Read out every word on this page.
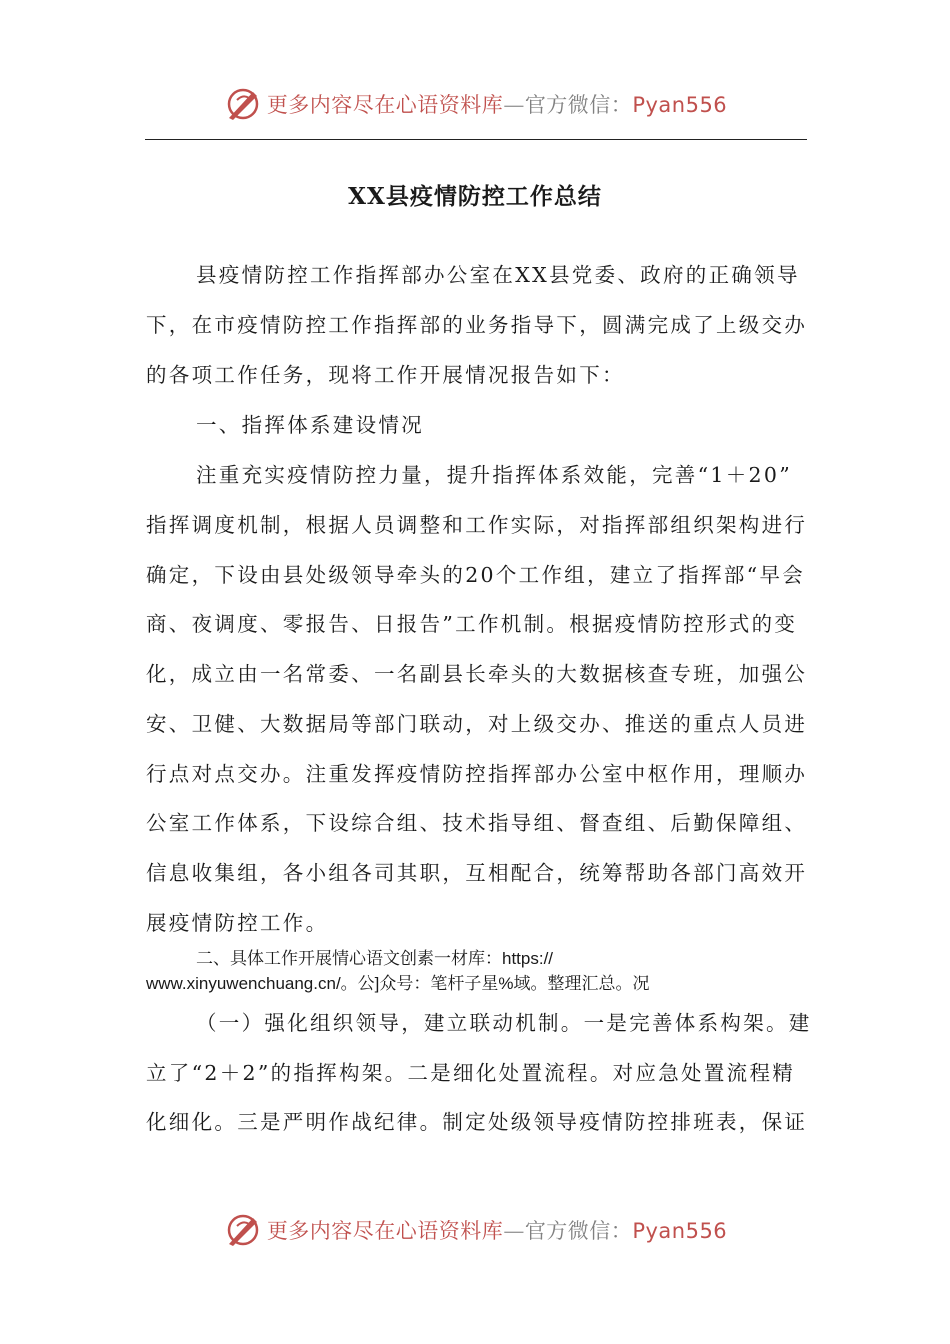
更多内容尽在心语资料库—官方微信：Pyan556
XX县疫情防控工作总结
县疫情防控工作指挥部办公室在XX县党委、政府的正确领导
下，在市疫情防控工作指挥部的业务指导下，圆满完成了上级交办
的各项工作任务，现将工作开展情况报告如下：
一、指挥体系建设情况
注重充实疫情防控力量，提升指挥体系效能，完善“1＋20”
指挥调度机制，根据人员调整和工作实际，对指挥部组织架构进行
确定，下设由县处级领导牵头的20个工作组，建立了指挥部“早会
商、夜调度、零报告、日报告”工作机制。根据疫情防控形式的变
化，成立由一名常委、一名副县长牵头的大数据核查专班，加强公
安、卫健、大数据局等部门联动，对上级交办、推送的重点人员进
行点对点交办。注重发挥疫情防控指挥部办公室中枢作用，理顺办
公室工作体系，下设综合组、技术指导组、督查组、后勤保障组、
信息收集组，各小组各司其职，互相配合，统筹帮助各部门高效开
展疫情防控工作。
二、具体工作开展情心语文创素一材库：https://
www.xinyuwenchuang.cn/。公]众号：笔杆子星%域。整理汇总。况
（一）强化组织领导，建立联动机制。一是完善体系构架。建
立了“2＋2”的指挥构架。二是细化处置流程。对应急处置流程精
化细化。三是严明作战纪律。制定处级领导疫情防控排班表，保证
更多内容尽在心语资料库—官方微信：Pyan556
